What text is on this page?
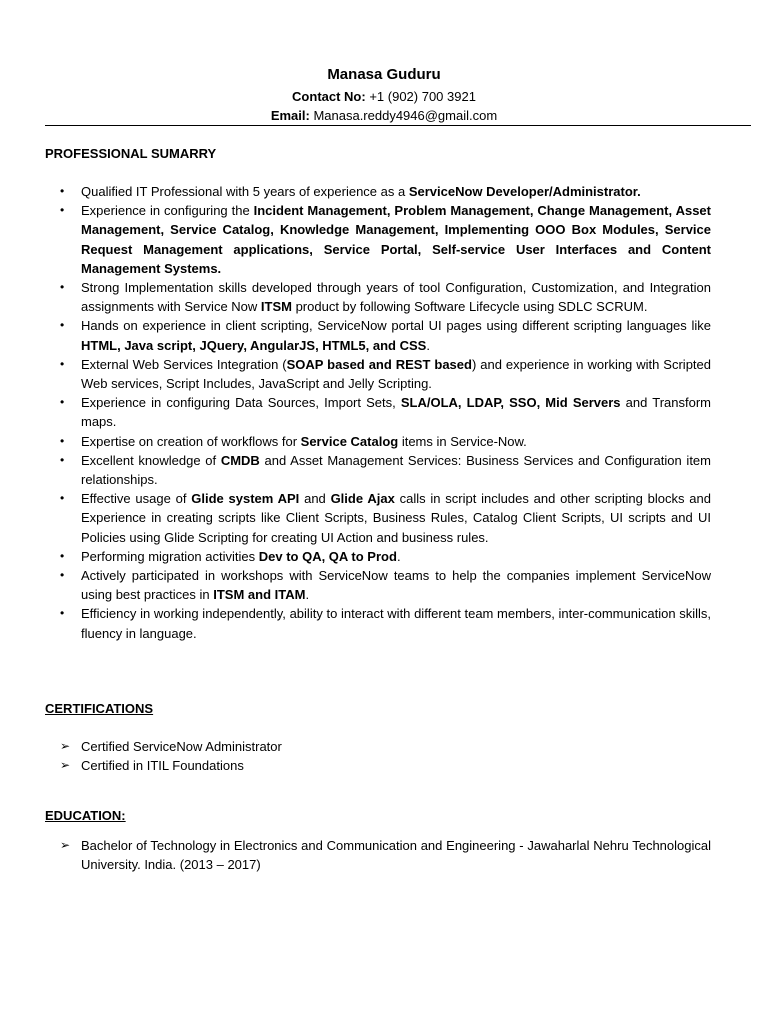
Manasa Guduru
Contact No: +1 (902) 700 3921
Email: Manasa.reddy4946@gmail.com
PROFESSIONAL SUMARRY
•	Qualified IT Professional with 5 years of experience as a ServiceNow Developer/Administrator.
•	Experience in configuring the Incident Management, Problem Management, Change Management, Asset Management, Service Catalog, Knowledge Management, Implementing OOO Box Modules, Service Request Management applications, Service Portal, Self-service User Interfaces and Content Management Systems.
•	Strong Implementation skills developed through years of tool Configuration, Customization, and Integration assignments with Service Now ITSM product by following Software Lifecycle using SDLC SCRUM.
•	Hands on experience in client scripting, ServiceNow portal UI pages using different scripting languages like HTML, Java script, JQuery, AngularJS, HTML5, and CSS.
•	External Web Services Integration (SOAP based and REST based) and experience in working with Scripted Web services, Script Includes, JavaScript and Jelly Scripting.
•	Experience in configuring Data Sources, Import Sets, SLA/OLA, LDAP, SSO, Mid Servers and Transform maps.
•	Expertise on creation of workflows for Service Catalog items in Service-Now.
•	Excellent knowledge of CMDB and Asset Management Services: Business Services and Configuration item relationships.
•	Effective usage of Glide system API and Glide Ajax calls in script includes and other scripting blocks and Experience in creating scripts like Client Scripts, Business Rules, Catalog Client Scripts, UI scripts and UI Policies using Glide Scripting for creating UI Action and business rules.
•	Performing migration activities Dev to QA, QA to Prod.
•	Actively participated in workshops with ServiceNow teams to help the companies implement ServiceNow using best practices in ITSM and ITAM.
•	Efficiency in working independently, ability to interact with different team members, inter-communication skills, fluency in language.
CERTIFICATIONS
➢ Certified ServiceNow Administrator
➢ Certified in ITIL Foundations
EDUCATION:
➢ Bachelor of Technology in Electronics and Communication and Engineering - Jawaharlal Nehru Technological University. India. (2013 – 2017)
